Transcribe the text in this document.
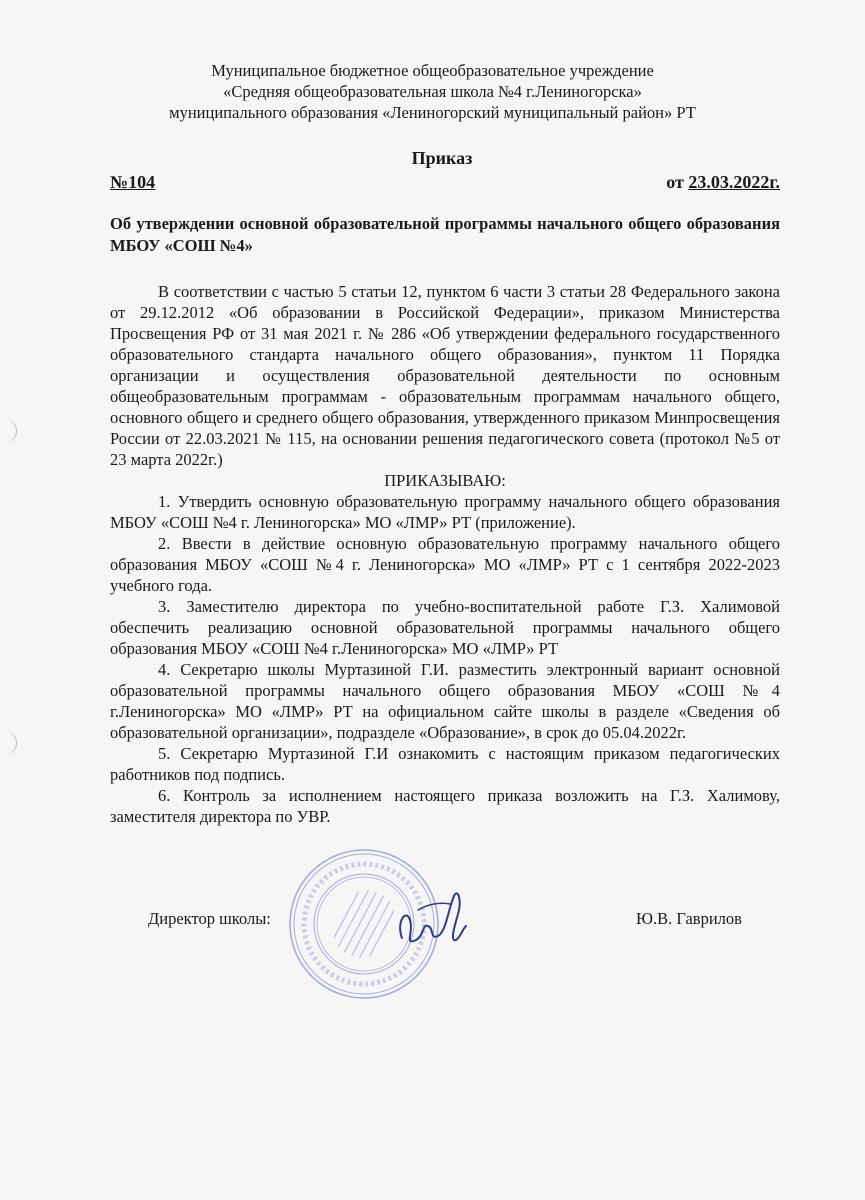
Муниципальное бюджетное общеобразовательное учреждение
«Средняя общеобразовательная школа №4 г.Лениногорска»
муниципального образования «Лениногорский муниципальный район» РТ
Приказ
№104	от 23.03.2022г.
Об утверждении основной образовательной программы начального общего образования МБОУ «СОШ №4»

В соответствии с частью 5 статьи 12, пунктом 6 части 3 статьи 28 Федерального закона от 29.12.2012 «Об образовании в Российской Федерации», приказом Министерства Просвещения РФ от 31 мая 2021 г. № 286 «Об утверждении федерального государственного образовательного стандарта начального общего образования», пунктом 11 Порядка организации и осуществления образовательной деятельности по основным общеобразовательным программам - образовательным программам начального общего, основного общего и среднего общего образования, утвержденного приказом Минпросвещения России от 22.03.2021 № 115, на основании решения педагогического совета (протокол №5 от 23 марта 2022г.)

ПРИКАЗЫВАЮ:

1. Утвердить основную образовательную программу начального общего образования МБОУ «СОШ №4 г. Лениногорска» МО «ЛМР» РТ (приложение).

2. Ввести в действие основную образовательную программу начального общего образования МБОУ «СОШ №4 г. Лениногорска» МО «ЛМР» РТ с 1 сентября 2022-2023 учебного года.

3. Заместителю директора по учебно-воспитательной работе Г.З. Халимовой обеспечить реализацию основной образовательной программы начального общего образования МБОУ «СОШ №4 г.Лениногорска» МО «ЛМР» РТ

4. Секретарю школы Муртазиной Г.И. разместить электронный вариант основной образовательной программы начального общего образования МБОУ «СОШ №4 г.Лениногорска» МО «ЛМР» РТ на официальном сайте школы в разделе «Сведения об образовательной организации», подразделе «Образование», в срок до 05.04.2022г.

5. Секретарю Муртазиной Г.И ознакомить с настоящим приказом педагогических работников под подпись.

6. Контроль за исполнением настоящего приказа возложить на Г.З. Халимову, заместителя директора по УВР.

Директор школы:	Ю.В. Гаврилов
